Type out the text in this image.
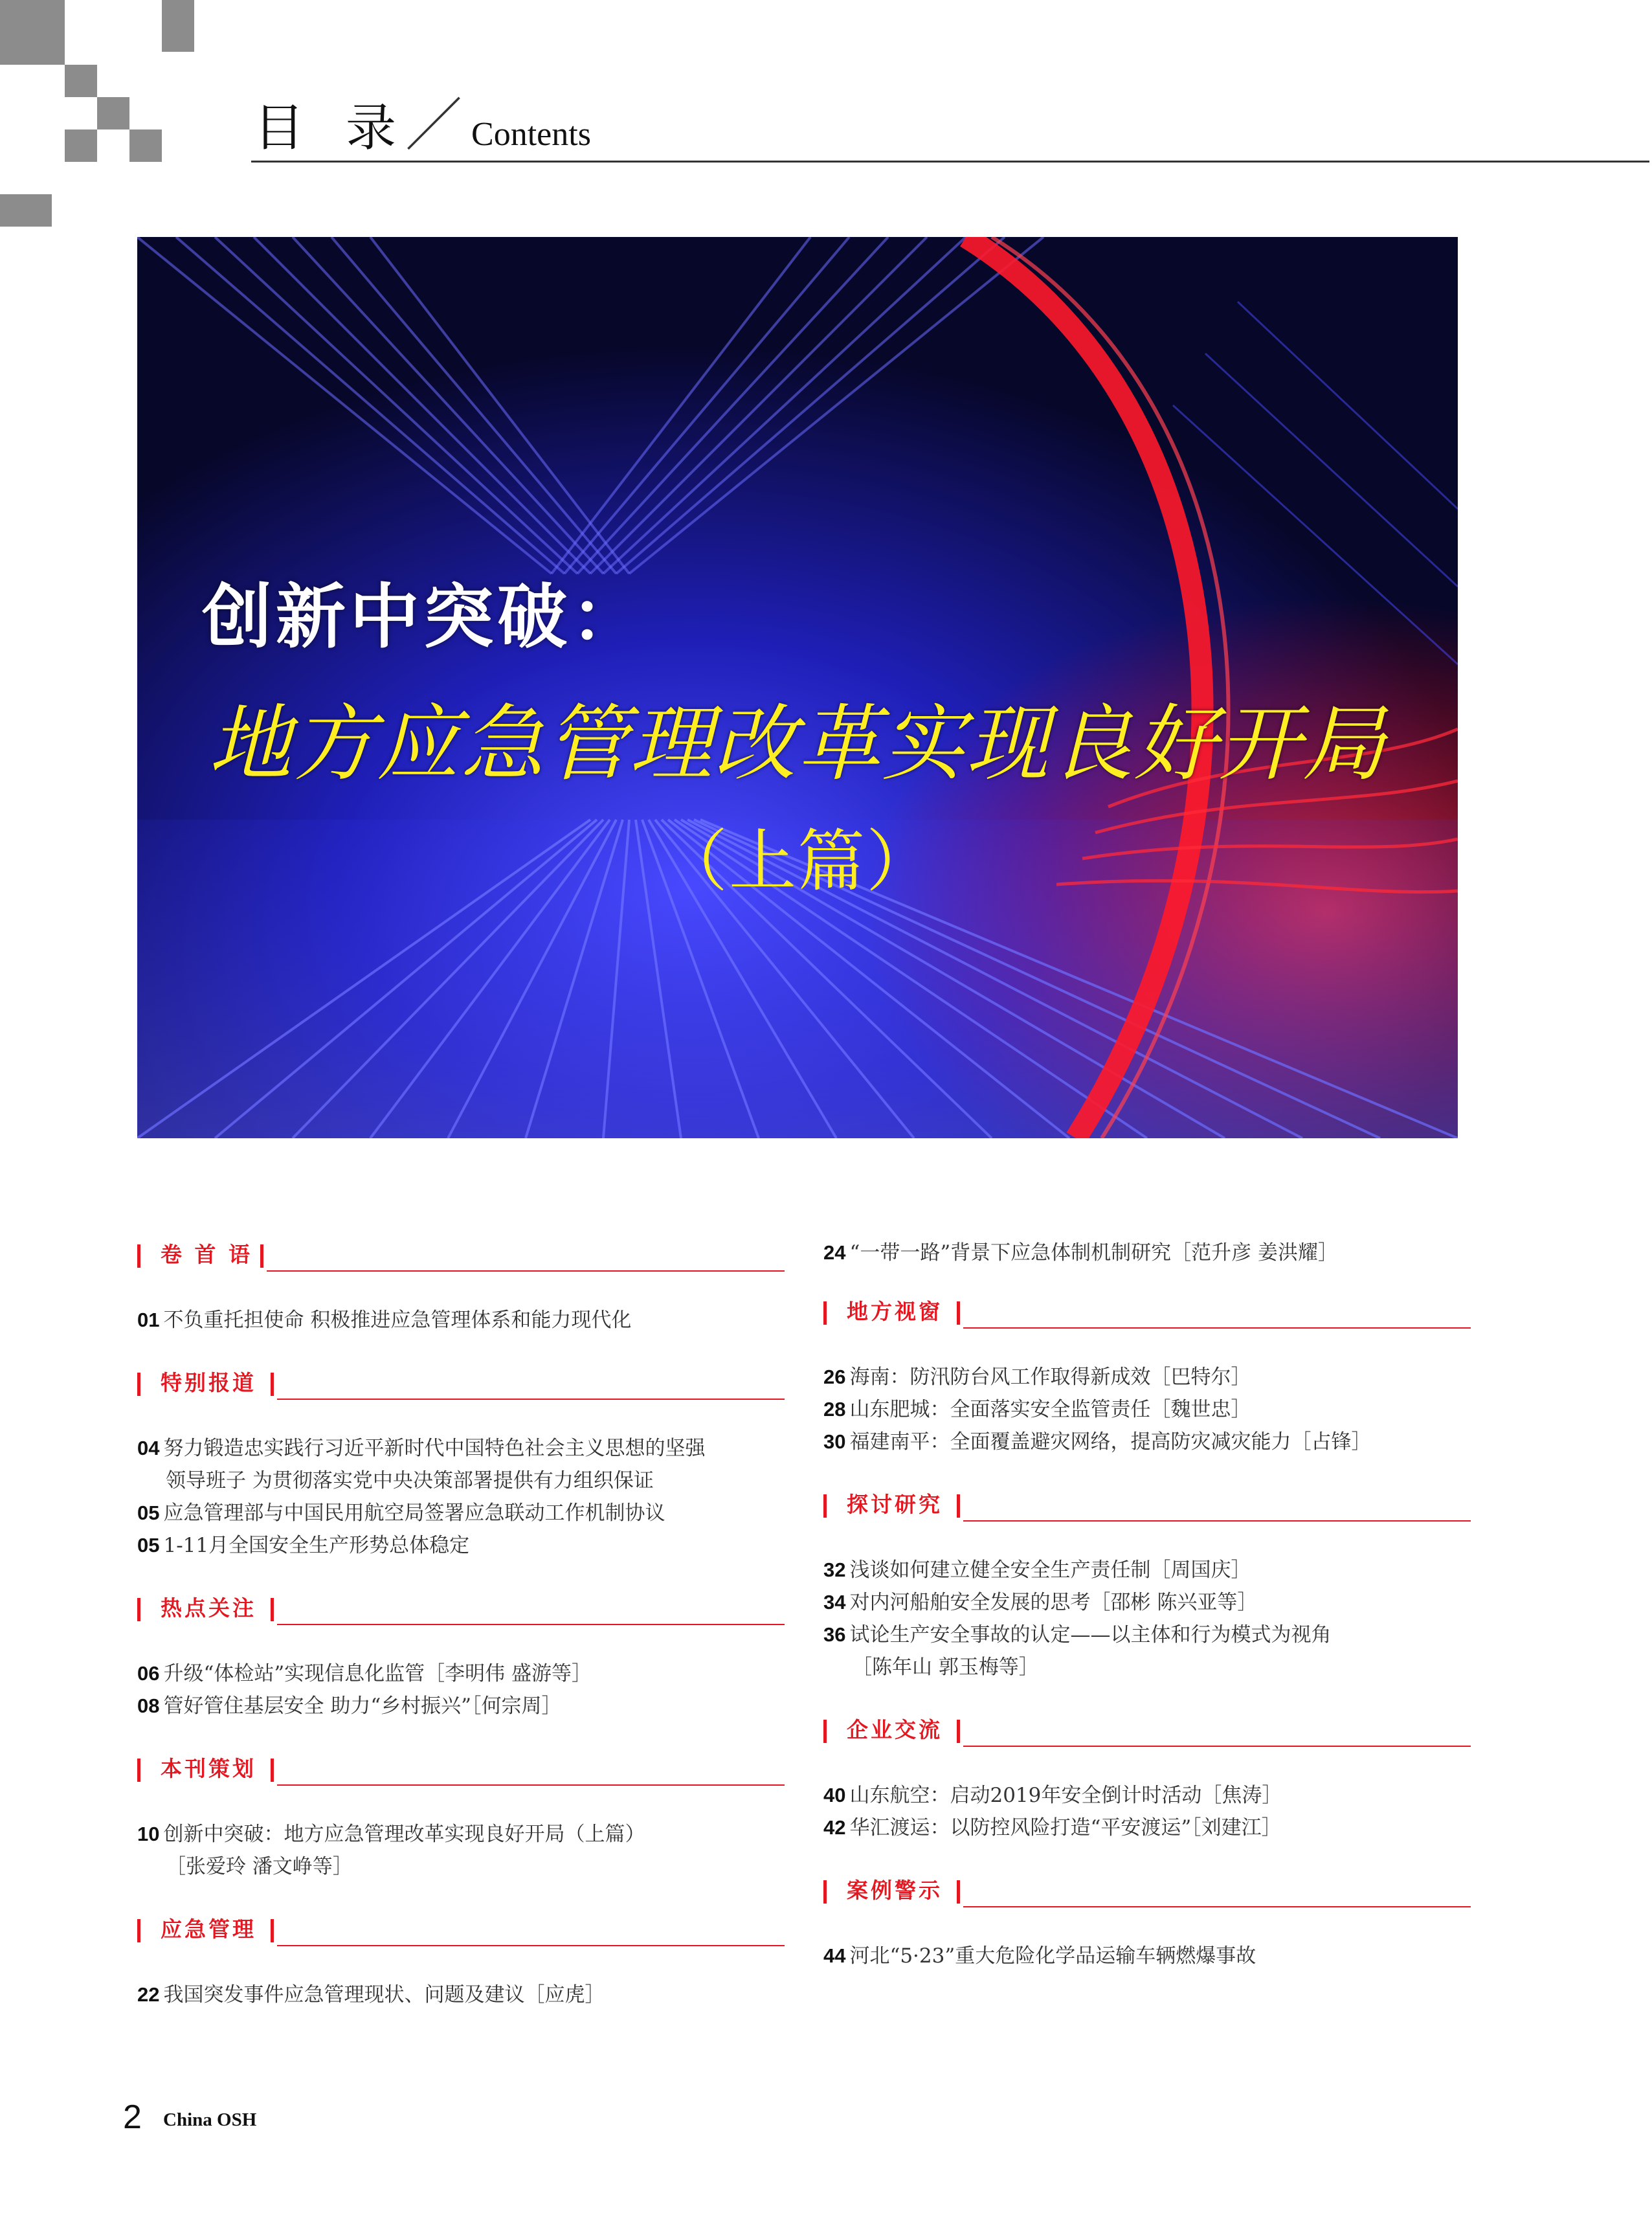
目 录 ／ Contents
创新中突破：
地方应急管理改革实现良好开局
（上篇）
卷 首 语
01 不负重托担使命 积极推进应急管理体系和能力现代化
特别报道
04 努力锻造忠实践行习近平新时代中国特色社会主义思想的坚强
领导班子 为贯彻落实党中央决策部署提供有力组织保证
05 应急管理部与中国民用航空局签署应急联动工作机制协议
05 1-11月全国安全生产形势总体稳定
热点关注
06 升级“体检站”实现信息化监管［李明伟 盛游等］
08 管好管住基层安全 助力“乡村振兴”［何宗周］
本刊策划
10 创新中突破：地方应急管理改革实现良好开局（上篇）
［张爱玲 潘文峥等］
应急管理
22 我国突发事件应急管理现状、问题及建议［应虎］
24 “一带一路”背景下应急体制机制研究［范升彦 姜洪耀］
地方视窗
26 海南：防汛防台风工作取得新成效［巴特尔］
28 山东肥城：全面落实安全监管责任［魏世忠］
30 福建南平：全面覆盖避灾网络，提高防灾减灾能力［占锋］
探讨研究
32 浅谈如何建立健全安全生产责任制［周国庆］
34 对内河船舶安全发展的思考［邵彬 陈兴亚等］
36 试论生产安全事故的认定——以主体和行为模式为视角
［陈年山 郭玉梅等］
企业交流
40 山东航空：启动2019年安全倒计时活动［焦涛］
42 华汇渡运：以防控风险打造“平安渡运”［刘建江］
案例警示
44 河北“5·23”重大危险化学品运输车辆燃爆事故
2 China OSH
